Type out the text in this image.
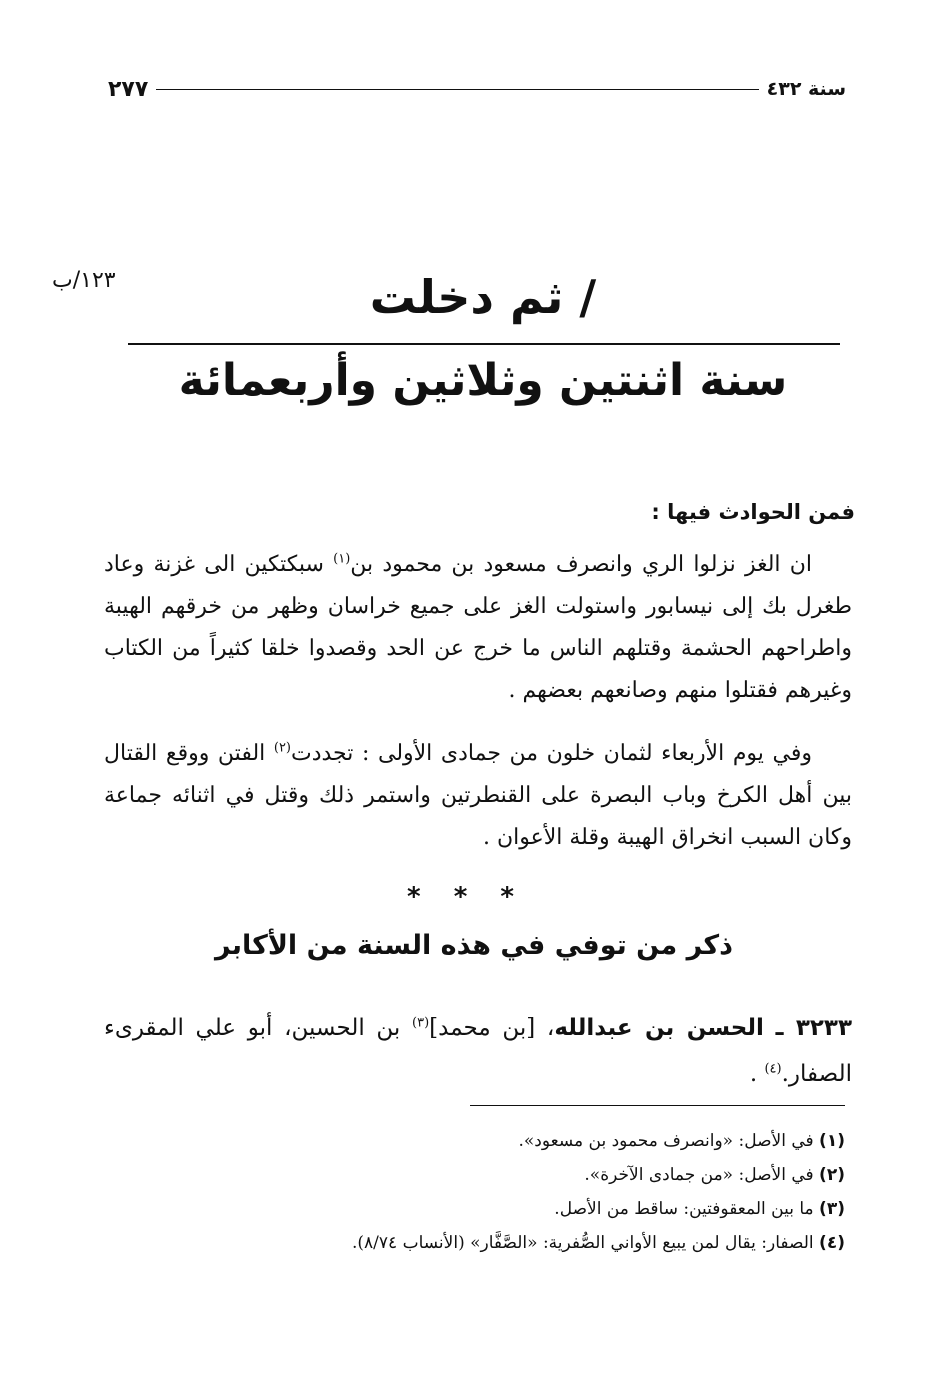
٢٧٧	سنة ٤٣٢
١٢٣/ب	/ ثم دخلت
سنة اثنتين وثلاثين وأربعمائة
فمن الحوادث فيها :

ان الغز نزلوا الري وانصرف مسعود بن محمود بن$^{(١)}$ سبكتكين الى غزنة وعاد طغرل بك إلى نيسابور واستولت الغز على جميع خراسان وظهر من خرقهم الهيبة واطراحهم الحشمة وقتلهم الناس ما خرج عن الحد وقصدوا خلقا كثيراً من الكتاب وغيرهم فقتلوا منهم وصانعهم بعضهم .

وفي يوم الأربعاء لثمان خلون من جمادى الأولى : تجددت$^{(٢)}$ الفتن ووقع القتال بين أهل الكرخ وباب البصرة على القنطرتين واستمر ذلك وقتل في اثنائه جماعة وكان السبب انخراق الهيبة وقلة الأعوان .

* * *
ذكر من توفي في هذه السنة من الأكابر

٣٢٣٣ ـ الحسن بن عبدالله، [بن محمد]$^{(٣)}$ بن الحسين، أبو علي المقرىء الصفار.$^{(٤)}$ .

(١) في الأصل: «وانصرف محمود بن مسعود».
(٢) في الأصل: «من جمادى الآخرة».
(٣) ما بين المعقوفتين: ساقط من الأصل.
(٤) الصفار: يقال لمن يبيع الأواني الصُّفرية: «الصَّفَّار» (الأنساب ٨/٧٤).
